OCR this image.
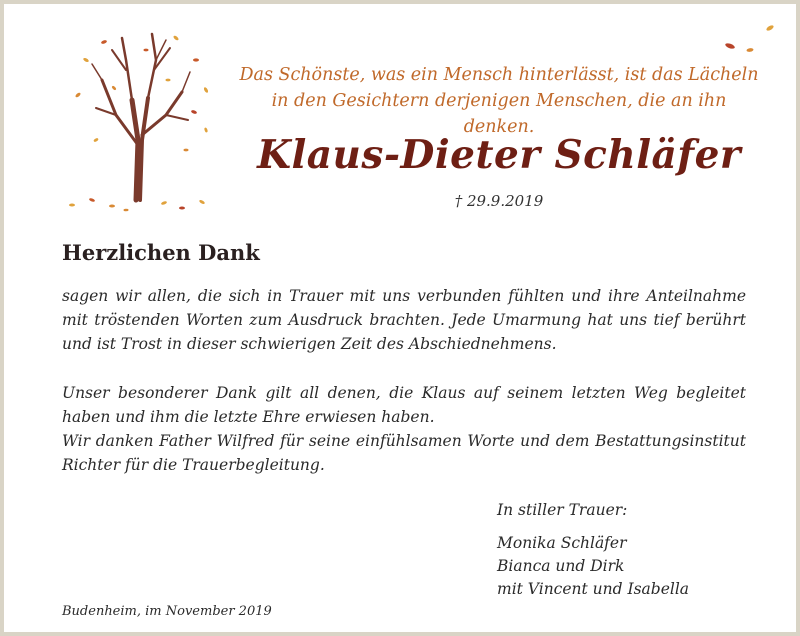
Das Schönste, was ein Mensch hinterlässt, ist das Lächeln
in den Gesichtern derjenigen Menschen, die an ihn denken.
Klaus-Dieter Schläfer
† 29.9.2019
Herzlichen Dank

sagen wir allen, die sich in Trauer mit uns verbunden fühlten und ihre Anteilnahme mit tröstenden Worten zum Ausdruck brachten. Jede Umarmung hat uns tief berührt und ist Trost in dieser schwierigen Zeit des Abschiednehmens.

Unser besonderer Dank gilt all denen, die Klaus auf seinem letzten Weg begleitet haben und ihm die letzte Ehre erwiesen haben.

Wir danken Father Wilfred für seine einfühlsamen Worte und dem Bestattungsinstitut Richter für die Trauerbegleitung.

In stiller Trauer:
Monika Schläfer
Bianca und Dirk
mit Vincent und Isabella
Budenheim, im November 2019
